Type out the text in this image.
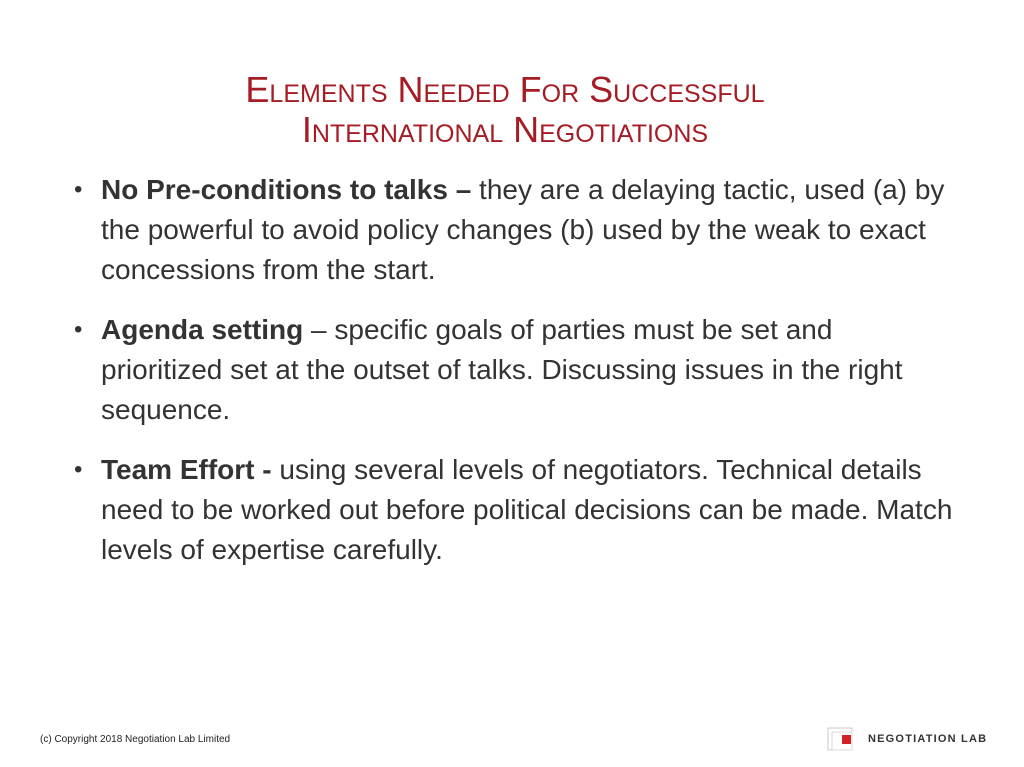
Elements Needed For Successful
International Negotiations
• No Pre-conditions to talks – they are a delaying tactic, used (a) by the powerful to avoid policy changes (b) used by the weak to exact concessions from the start.
• Agenda setting – specific goals of parties must be set and prioritized set at the outset of talks. Discussing issues in the right sequence.
• Team Effort - using several levels of negotiators. Technical details need to be worked out before political decisions can be made. Match levels of expertise carefully.
(c) Copyright 2018 Negotiation Lab Limited	NEGOTIATION LAB
